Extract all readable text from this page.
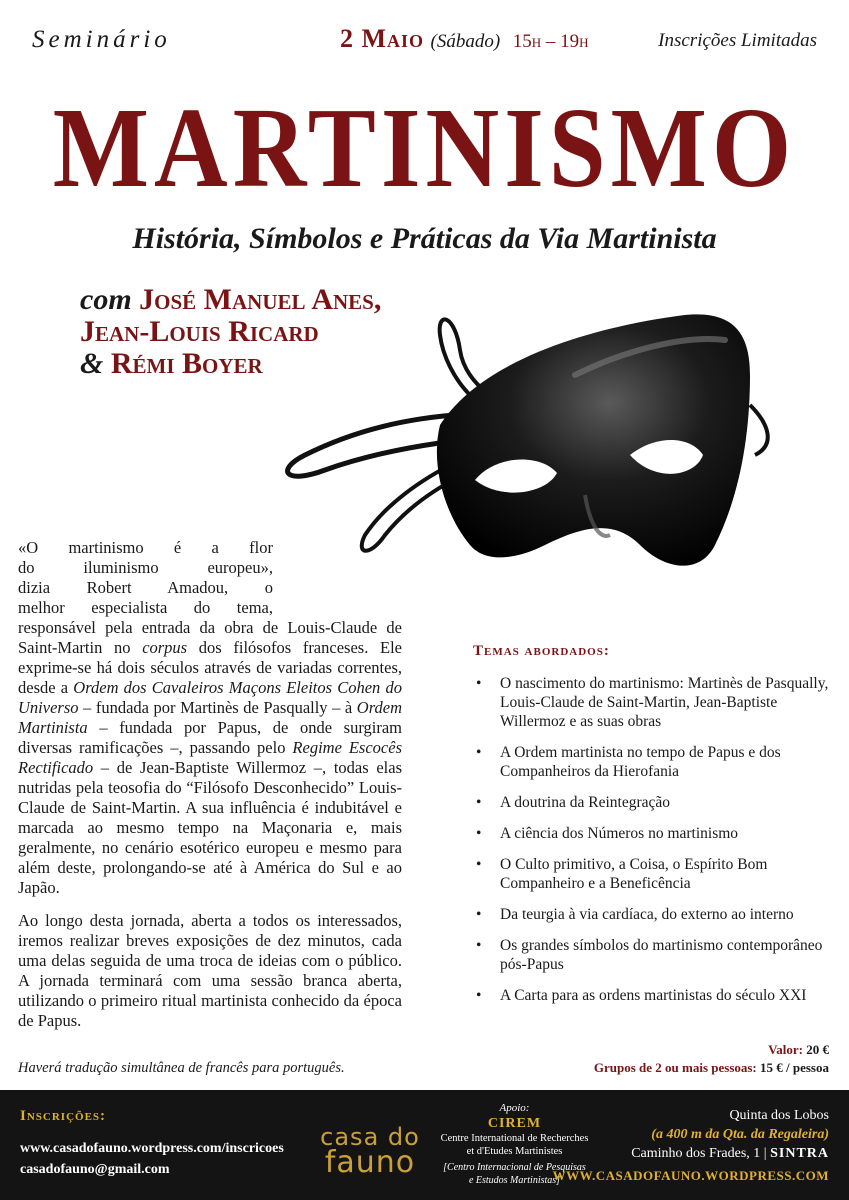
Seminário	2 Maio (Sábado) 15h – 19h	Inscrições Limitadas
MARTINISMO
História, Símbolos e Práticas da Via Martinista
com José Manuel Anes,
Jean-Louis Ricard
& Rémi Boyer
«O martinismo é a flor
do iluminismo europeu»,
dizia Robert Amadou, o
melhor especialista do tema,
responsável pela entrada da obra de Louis-Claude de Saint-Martin no corpus dos filósofos franceses. Ele exprime-se há dois séculos através de variadas correntes, desde a Ordem dos Cavaleiros Maçons Eleitos Cohen do Universo – fundada por Martinès de Pasqually – à Ordem Martinista – fundada por Papus, de onde surgiram diversas ramificações –, passando pelo Regime Escocês Rectificado – de Jean-Baptiste Willermoz –, todas elas nutridas pela teosofia do “Filósofo Desconhecido” Louis-Claude de Saint-Martin. A sua influência é indubitável e marcada ao mesmo tempo na Maçonaria e, mais geralmente, no cenário esotérico europeu e mesmo para além deste, prolongando-se até à América do Sul e ao Japão.
Ao longo desta jornada, aberta a todos os interessados, iremos realizar breves exposições de dez minutos, cada uma delas seguida de uma troca de ideias com o público. A jornada terminará com uma sessão branca aberta, utilizando o primeiro ritual martinista conhecido da época de Papus.
Haverá tradução simultânea de francês para português.
Temas abordados:
• O nascimento do martinismo: Martinès de Pasqually, Louis-Claude de Saint-Martin, Jean-Baptiste Willermoz e as suas obras
• A Ordem martinista no tempo de Papus e dos Companheiros da Hierofania
• A doutrina da Reintegração
• A ciência dos Números no martinismo
• O Culto primitivo, a Coisa, o Espírito Bom Companheiro e a Beneficência
• Da teurgia à via cardíaca, do externo ao interno
• Os grandes símbolos do martinismo contemporâneo pós-Papus
• A Carta para as ordens martinistas do século XXI
Valor: 20 €
Grupos de 2 ou mais pessoas: 15 € / pessoa
Inscrições:
www.casadofauno.wordpress.com/inscricoes
casadofauno@gmail.com
casa do
fauno
Apoio:
CIREM
Centre International de Recherches
et d'Etudes Martinistes
[Centro Internacional de Pesquisas
e Estudos Martinistas]
Quinta dos Lobos
(a 400 m da Qta. da Regaleira)
Caminho dos Frades, 1 | SINTRA
WWW.CASADOFAUNO.WORDPRESS.COM
